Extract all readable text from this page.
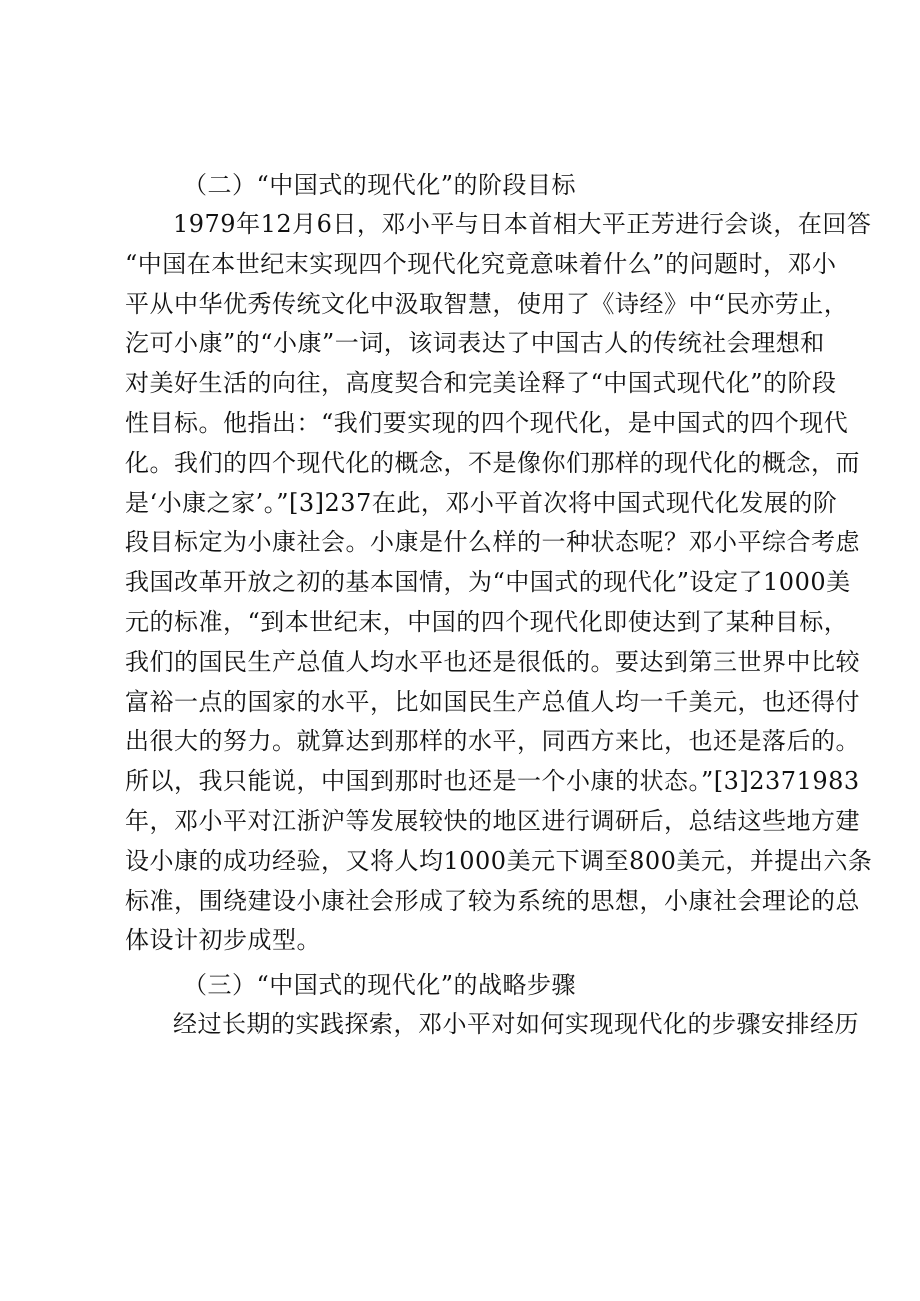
（二）“中国式的现代化”的阶段目标

1979年12月6日，邓小平与日本首相大平正芳进行会谈，在回答

“中国在本世纪末实现四个现代化究竟意味着什么”的问题时，邓小

平从中华优秀传统文化中汲取智慧，使用了《诗经》中“民亦劳止，

汔可小康”的“小康”一词，该词表达了中国古人的传统社会理想和

对美好生活的向往，高度契合和完美诠释了“中国式现代化”的阶段

性目标。他指出：“我们要实现的四个现代化，是中国式的四个现代

化。我们的四个现代化的概念，不是像你们那样的现代化的概念，而

是‘小康之家’。”[3]237在此，邓小平首次将中国式现代化发展的阶

段目标定为小康社会。小康是什么样的一种状态呢？邓小平综合考虑

我国改革开放之初的基本国情，为“中国式的现代化”设定了1000美

元的标准，“到本世纪末，中国的四个现代化即使达到了某种目标，

我们的国民生产总值人均水平也还是很低的。要达到第三世界中比较

富裕一点的国家的水平，比如国民生产总值人均一千美元，也还得付

出很大的努力。就算达到那样的水平，同西方来比，也还是落后的。

所以，我只能说，中国到那时也还是一个小康的状态。”[3]2371983

年，邓小平对江浙沪等发展较快的地区进行调研后，总结这些地方建

设小康的成功经验，又将人均1000美元下调至800美元，并提出六条

标准，围绕建设小康社会形成了较为系统的思想，小康社会理论的总

体设计初步成型。

（三）“中国式的现代化”的战略步骤

经过长期的实践探索，邓小平对如何实现现代化的步骤安排经历
